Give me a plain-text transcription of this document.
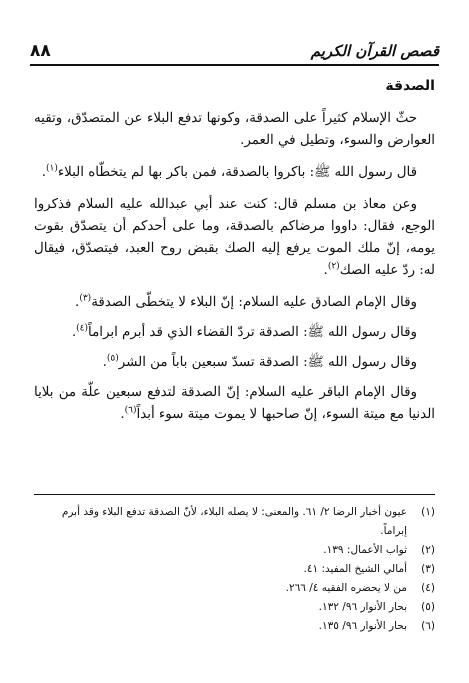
قصص القرآن الكريم
٨٨
الصدقة

حثّ الإسلام كثيراً على الصدقة، وكونها تدفع البلاء عن المتصدّق، وتقيه العوارض والسوء، وتطيل في العمر.

قال رسول الله ﷺ: باكروا بالصدقة، فمن باكر بها لم يتخطّاه البلاء$^{(١)}$.

وعن معاذ بن مسلم قال: كنت عند أبي عبدالله عليه السلام فذكروا الوجع، فقال: داووا مرضاكم بالصدقة، وما على أحدكم أن يتصدّق بقوت يومه، إنّ ملك الموت يرفع إليه الصك بقبض روح العبد، فيتصدّق، فيقال له: ردّ عليه الصك$^{(٢)}$.

وقال الإمام الصادق عليه السلام: إنّ البلاء لا يتخطّى الصدقة$^{(٣)}$.

وقال رسول الله ﷺ: الصدقة تردّ القضاء الذي قد أبرم ابراماً$^{(٤)}$.

وقال رسول الله ﷺ: الصدقة تسدّ سبعين باباً من الشر$^{(٥)}$.

وقال الإمام الباقر عليه السلام: إنّ الصدقة لتدفع سبعين علّة من بلايا الدنيا مع ميتة السوء، إنّ صاحبها لا يموت ميتة سوء أبداً$^{(٦)}$.

(١)
عيون أخبار الرضا ٢/ ٦١. والمعنى: لا يصله البلاء، لأنّ الصدقة تدفع البلاء وقد أبرم إبراماً.
(٢)
ثواب الأعمال: ١٣٩.
(٣)
أمالي الشيخ المفيد: ٤١.
(٤)
من لا يحضره الفقيه ٤/ ٢٦٦.
(٥)
بحار الأنوار ٩٦/ ١٣٢.
(٦)
بحار الأنوار ٩٦/ ١٣٥.
